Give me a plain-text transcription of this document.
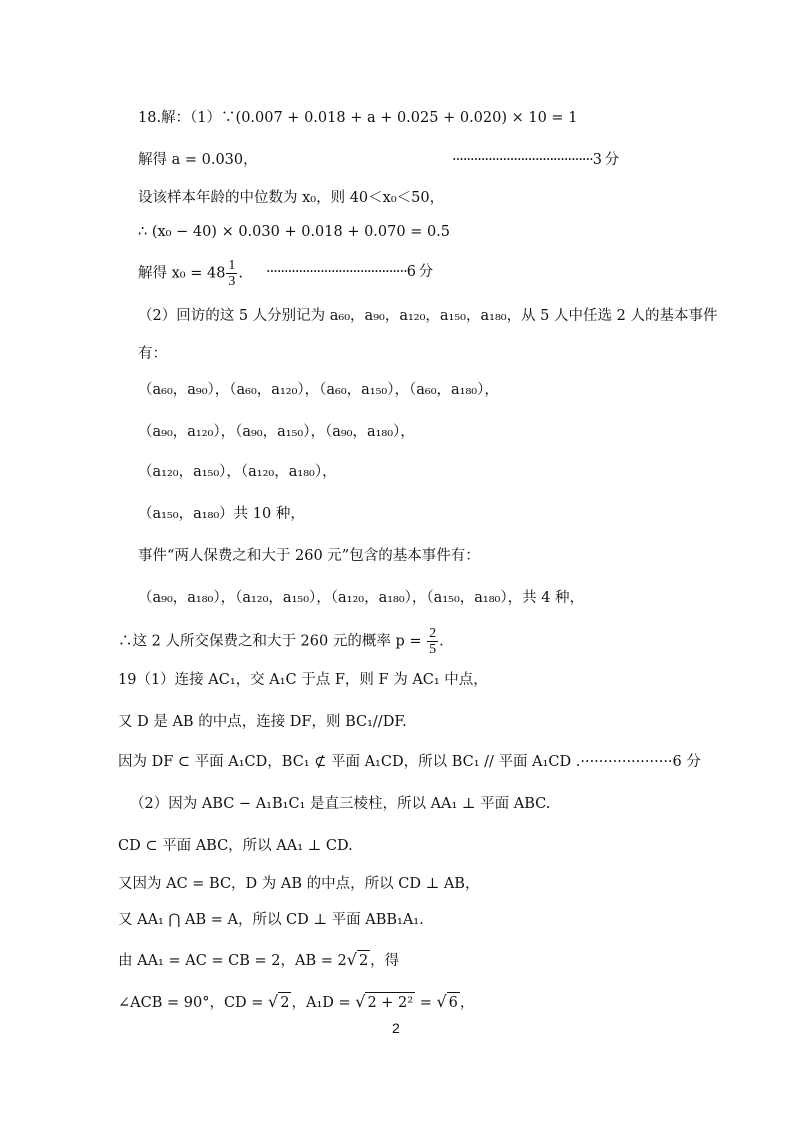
18.解：（1）∵(0.007 + 0.018 + a + 0.025 + 0.020) × 10 = 1
解得 a = 0.030，	·······································3 分
设该样本年龄的中位数为 x₀，则 40＜x₀＜50，
∴ (x₀ − 40) × 0.030 + 0.018 + 0.070 = 0.5
解得 $x_0 = 48 \frac{1}{3}$ . ·······································6 分
（2）回访的这 5 人分别记为 a₆₀，a₉₀，a₁₂₀，a₁₅₀，a₁₈₀，从 5 人中任选 2 人的基本事件
有：
（a₆₀，a₉₀），（a₆₀，a₁₂₀），（a₆₀，a₁₅₀），（a₆₀，a₁₈₀），
（a₉₀，a₁₂₀），（a₉₀，a₁₅₀），（a₉₀，a₁₈₀），
（a₁₂₀，a₁₅₀），（a₁₂₀，a₁₈₀），
（a₁₅₀，a₁₈₀）共 10 种，
事件“两人保费之和大于 260 元”包含的基本事件有：
（a₉₀，a₁₈₀），（a₁₂₀，a₁₅₀），（a₁₂₀，a₁₈₀），（a₁₅₀，a₁₈₀），共 4 种，
∴这 2 人所交保费之和大于 260 元的概率 $p = \frac{2}{5}$ .
19（1）连接 AC₁，交 A₁C 于点 F，则 F 为 AC₁ 中点，
又 D 是 AB 的中点，连接 DF，则 BC₁//DF.
因为 DF ⊂ 平面 A₁CD，BC₁ ⊄ 平面 A₁CD，所以 BC₁ // 平面 A₁CD .····················6 分
（2）因为 ABC − A₁B₁C₁ 是直三棱柱，所以 AA₁ ⊥ 平面 ABC.
CD ⊂ 平面 ABC，所以 AA₁ ⊥ CD.
又因为 AC = BC，D 为 AB 的中点，所以 CD ⊥ AB，
又 AA₁ ⋂ AB = A，所以 CD ⊥ 平面 ABB₁A₁.
由 AA₁ = AC = CB = 2，AB = 2√ 2 ，得
∠ACB = 90°，CD = √ 2 ，A₁D = √ 2 + 2² = √ 6 ，
2
